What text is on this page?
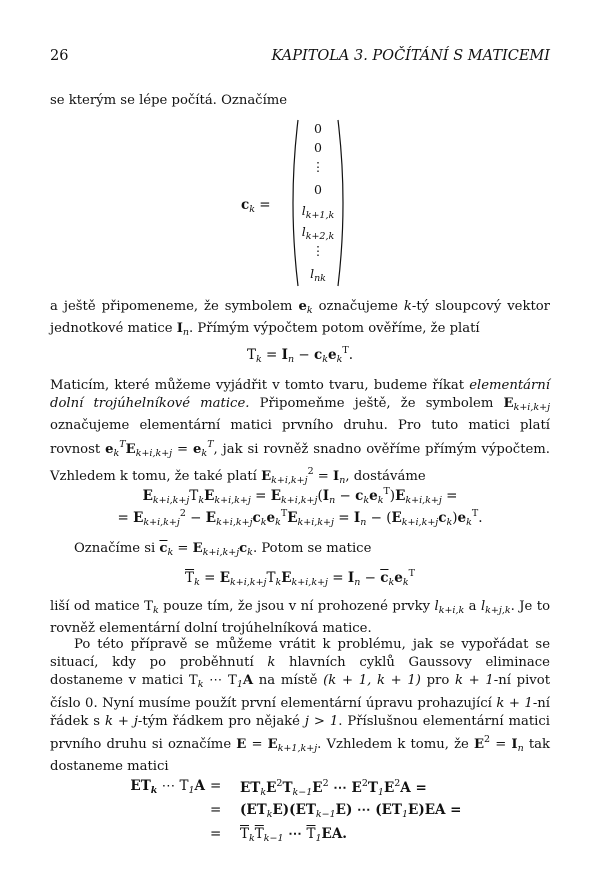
26	KAPITOLA 3. POČÍTÁNÍ S MATICEMI

se kterým se lépe počítá. Označíme

$c_k$ =
0
0
⋮
0
$l_{k+1,k}$
$l_{k+2,k}$
⋮
$l_{nk}$

a ještě připomeneme, že symbolem $e_k$ označujeme k-tý sloupcový vektor jednotkové matice $I_n$. Přímým výpočtem potom ověříme, že platí

$T_k = I_n - c_ke_k^T$.

Maticím, které můžeme vyjádřit v tomto tvaru, budeme říkat elementární dolní trojúhelníkové matice. Připomeňme ještě, že symbolem $E_{k+i,k+j}$ označujeme elementární matici prvního druhu. Pro tuto matici platí rovnost $e_k^TE_{k+i,k+j} = e_k^T$, jak si rovněž snadno ověříme přímým výpočtem. Vzhledem k tomu, že také platí $E_{k+i,k+j}^2 = I_n$, dostáváme

$E_{k+i,k+j}T_kE_{k+i,k+j} = E_{k+i,k+j}(I_n - c_ke_k^T)E_{k+i,k+j}$ =
= $E_{k+i,k+j}^2 - E_{k+i,k+j}c_ke_k^TE_{k+i,k+j} = I_n - (E_{k+i,k+j}c_k)e_k^T$.

Označíme si $\overline{c}_k = E_{k+i,k+j}c_k$. Potom se matice

$\overline{T}_k = E_{k+i,k+j}T_kE_{k+i,k+j} = I_n - \overline{c}_ke_k^T$

liší od matice $T_k$ pouze tím, že jsou v ní prohozené prvky $l_{k+i,k}$ a $l_{k+j,k}$. Je to rovněž elementární dolní trojúhelníková matice.

Po této přípravě se můžeme vrátit k problému, jak se vypořádat se situací, kdy po proběhnutí k hlavních cyklů Gaussovy eliminace dostaneme v matici $T_k$ ⋯ $T_1A$ na místě (k + 1, k + 1) pro k + 1-ní pivot číslo 0. Nyní musíme použít první elementární úpravu prohazující k + 1-ní řádek s k + j-tým řádkem pro nějaké j > 1. Příslušnou elementární matici prvního druhu si označíme $E = E_{k+1,k+j}$. Vzhledem k tomu, že $E^2 = I_n$ tak dostaneme matici

$ET_k$ ⋯ $T_1A = ET_kE^2T_{k-1}E^2$ ⋯ $E^2T_1E^2A$ =
= $(ET_kE)(ET_{k-1}E)$ ⋯ $(ET_1E)EA$ =
= $\overline{T}_k\overline{T}_{k-1}$ ⋯ $\overline{T}_1EA$.
